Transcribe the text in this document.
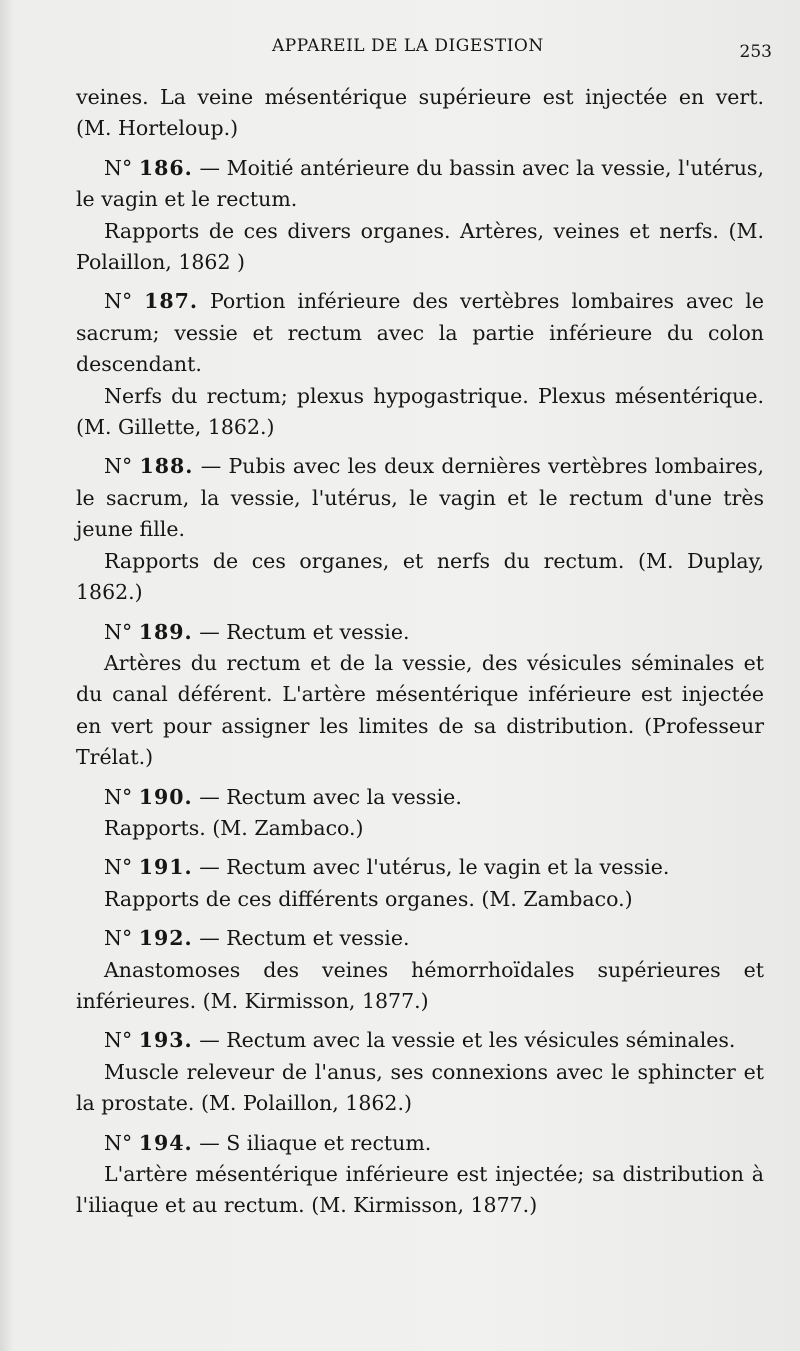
APPAREIL DE LA DIGESTION	253

veines. La veine mésentérique supérieure est injectée en vert. (M. Horteloup.)

N° 186. — Moitié antérieure du bassin avec la vessie, l'utérus, le vagin et le rectum.

Rapports de ces divers organes. Artères, veines et nerfs. (M. Polaillon, 1862 )

N° 187. Portion inférieure des vertèbres lombaires avec le sacrum; vessie et rectum avec la partie inférieure du colon descendant.

Nerfs du rectum; plexus hypogastrique. Plexus mésentérique. (M. Gillette, 1862.)

N° 188. — Pubis avec les deux dernières vertèbres lombaires, le sacrum, la vessie, l'utérus, le vagin et le rectum d'une très jeune fille.

Rapports de ces organes, et nerfs du rectum. (M. Duplay, 1862.)

N° 189. — Rectum et vessie.

Artères du rectum et de la vessie, des vésicules séminales et du canal déférent. L'artère mésentérique inférieure est injectée en vert pour assigner les limites de sa distribution. (Professeur Trélat.)

N° 190. — Rectum avec la vessie.

Rapports. (M. Zambaco.)

N° 191. — Rectum avec l'utérus, le vagin et la vessie.

Rapports de ces différents organes. (M. Zambaco.)

N° 192. — Rectum et vessie.

Anastomoses des veines hémorrhoïdales supérieures et inférieures. (M. Kirmisson, 1877.)

N° 193. — Rectum avec la vessie et les vésicules séminales.

Muscle releveur de l'anus, ses connexions avec le sphincter et la prostate. (M. Polaillon, 1862.)

N° 194. — S iliaque et rectum.

L'artère mésentérique inférieure est injectée; sa distribution à l'iliaque et au rectum. (M. Kirmisson, 1877.)
